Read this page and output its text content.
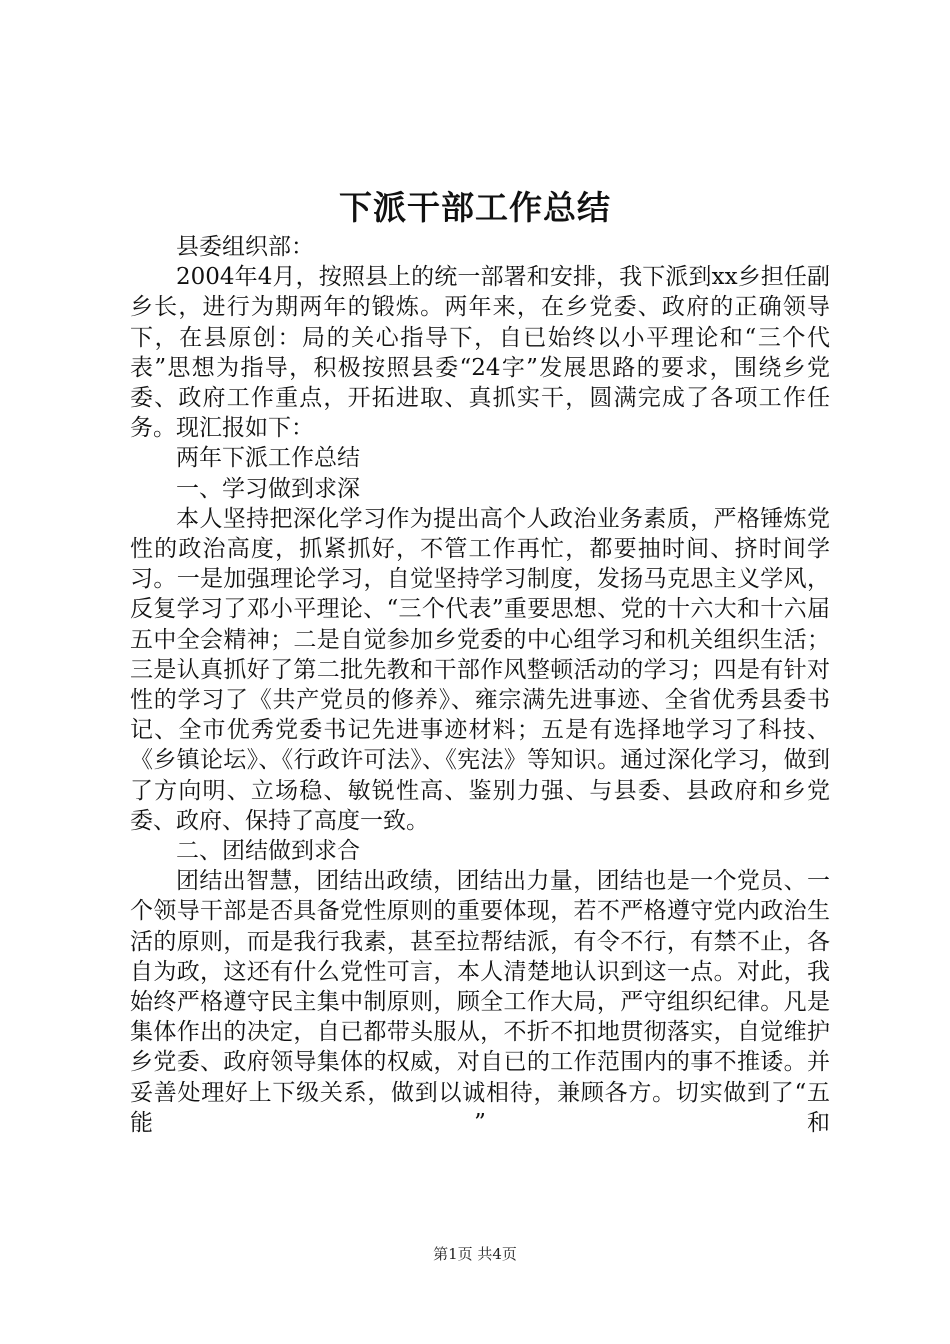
下派干部工作总结

县委组织部：

2004年4月，按照县上的统一部署和安排，我下派到xx乡担任副乡长，进行为期两年的锻炼。两年来，在乡党委、政府的正确领导下，在县原创：局的关心指导下，自已始终以小平理论和“三个代表”思想为指导，积极按照县委“24字”发展思路的要求，围绕乡党委、政府工作重点，开拓进取、真抓实干，圆满完成了各项工作任务。现汇报如下：

两年下派工作总结

一、学习做到求深

本人坚持把深化学习作为提出高个人政治业务素质，严格锤炼党性的政治高度，抓紧抓好，不管工作再忙，都要抽时间、挤时间学习。一是加强理论学习，自觉坚持学习制度，发扬马克思主义学风，反复学习了邓小平理论、“三个代表”重要思想、党的十六大和十六届五中全会精神；二是自觉参加乡党委的中心组学习和机关组织生活；三是认真抓好了第二批先教和干部作风整顿活动的学习；四是有针对性的学习了《共产党员的修养》、雍宗满先进事迹、全省优秀县委书记、全市优秀党委书记先进事迹材料；五是有选择地学习了科技、《乡镇论坛》、《行政许可法》、《宪法》等知识。通过深化学习，做到了方向明、立场稳、敏锐性高、鉴别力强、与县委、县政府和乡党委、政府、保持了高度一致。

二、团结做到求合

团结出智慧，团结出政绩，团结出力量，团结也是一个党员、一个领导干部是否具备党性原则的重要体现，若不严格遵守党内政治生活的原则，而是我行我素，甚至拉帮结派，有令不行，有禁不止，各自为政，这还有什么党性可言，本人清楚地认识到这一点。对此，我始终严格遵守民主集中制原则，顾全工作大局，严守组织纪律。凡是集体作出的决定，自已都带头服从，不折不扣地贯彻落实，自觉维护乡党委、政府领导集体的权威，对自已的工作范围内的事不推诿。并妥善处理好上下级关系，做到以诚相待，兼顾各方。切实做到了“五能”和

第1页 共4页
